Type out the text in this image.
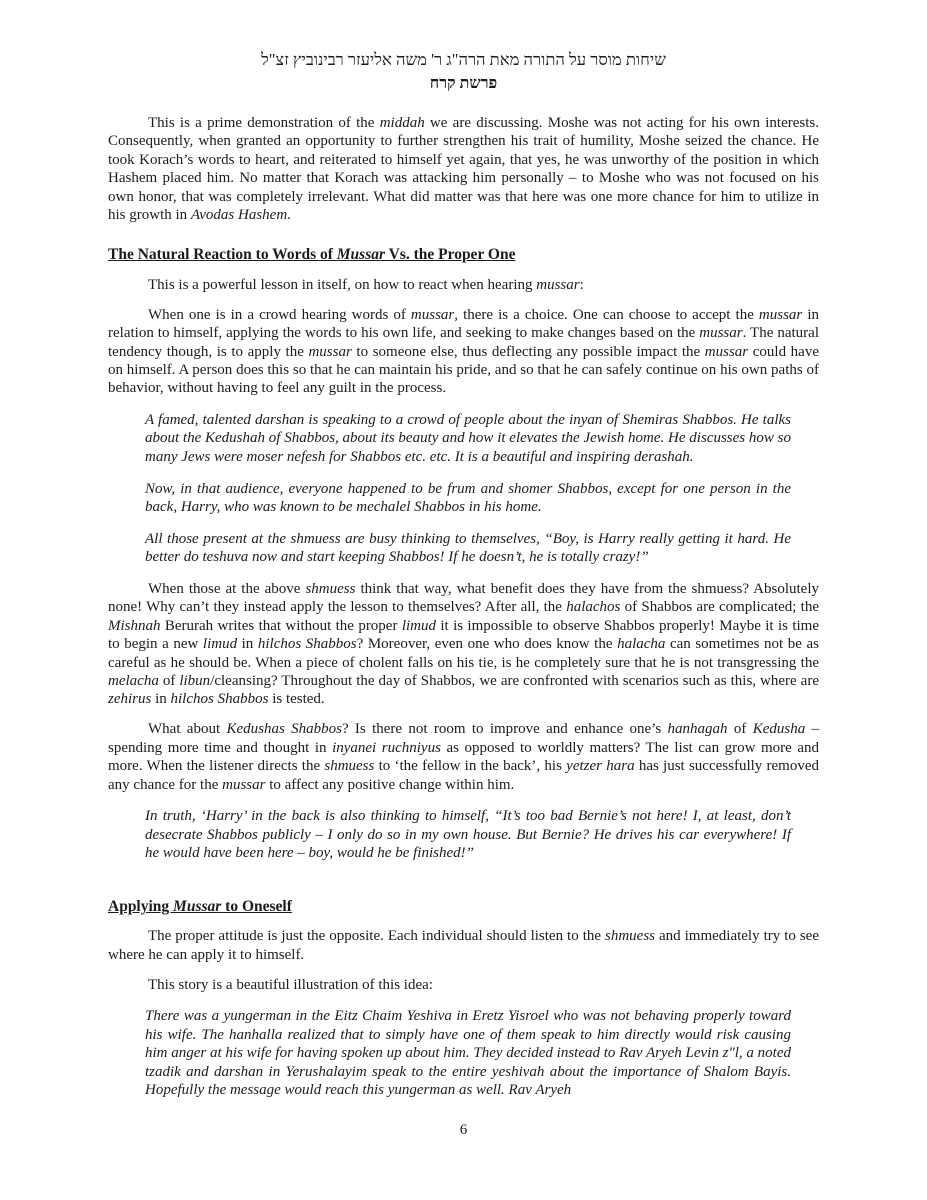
שיחות מוסר על התורה מאת הרה"ג ר' משה אליעזר רבינוביץ זצ"ל
פרשת קרח

This is a prime demonstration of the middah we are discussing. Moshe was not acting for his own interests. Consequently, when granted an opportunity to further strengthen his trait of humility, Moshe seized the chance. He took Korach’s words to heart, and reiterated to himself yet again, that yes, he was unworthy of the position in which Hashem placed him. No matter that Korach was attacking him personally – to Moshe who was not focused on his own honor, that was completely irrelevant. What did matter was that here was one more chance for him to utilize in his growth in Avodas Hashem.

The Natural Reaction to Words of Mussar Vs. the Proper One

This is a powerful lesson in itself, on how to react when hearing mussar:

When one is in a crowd hearing words of mussar, there is a choice. One can choose to accept the mussar in relation to himself, applying the words to his own life, and seeking to make changes based on the mussar. The natural tendency though, is to apply the mussar to someone else, thus deflecting any possible impact the mussar could have on himself. A person does this so that he can maintain his pride, and so that he can safely continue on his own paths of behavior, without having to feel any guilt in the process.

A famed, talented darshan is speaking to a crowd of people about the inyan of Shemiras Shabbos. He talks about the Kedushah of Shabbos, about its beauty and how it elevates the Jewish home. He discusses how so many Jews were moser nefesh for Shabbos etc. etc. It is a beautiful and inspiring derashah.
Now, in that audience, everyone happened to be frum and shomer Shabbos, except for one person in the back, Harry, who was known to be mechalel Shabbos in his home.
All those present at the shmuess are busy thinking to themselves, “Boy, is Harry really getting it hard. He better do teshuva now and start keeping Shabbos! If he doesn’t, he is totally crazy!”

When those at the above shmuess think that way, what benefit does they have from the shmuess? Absolutely none! Why can’t they instead apply the lesson to themselves? After all, the halachos of Shabbos are complicated; the Mishnah Berurah writes that without the proper limud it is impossible to observe Shabbos properly! Maybe it is time to begin a new limud in hilchos Shabbos? Moreover, even one who does know the halacha can sometimes not be as careful as he should be. When a piece of cholent falls on his tie, is he completely sure that he is not transgressing the melacha of libun/cleansing? Throughout the day of Shabbos, we are confronted with scenarios such as this, where are zehirus in hilchos Shabbos is tested.

What about Kedushas Shabbos? Is there not room to improve and enhance one’s hanhagah of Kedusha – spending more time and thought in inyanei ruchniyus as opposed to worldly matters? The list can grow more and more. When the listener directs the shmuess to ‘the fellow in the back’, his yetzer hara has just successfully removed any chance for the mussar to affect any positive change within him.

In truth, ‘Harry’ in the back is also thinking to himself, “It’s too bad Bernie’s not here! I, at least, don’t desecrate Shabbos publicly – I only do so in my own house. But Bernie? He drives his car everywhere! If he would have been here – boy, would he be finished!”
Applying Mussar to Oneself

The proper attitude is just the opposite. Each individual should listen to the shmuess and immediately try to see where he can apply it to himself.

This story is a beautiful illustration of this idea:

There was a yungerman in the Eitz Chaim Yeshiva in Eretz Yisroel who was not behaving properly toward his wife. The hanhalla realized that to simply have one of them speak to him directly would risk causing him anger at his wife for having spoken up about him. They decided instead to Rav Aryeh Levin z"l, a noted tzadik and darshan in Yerushalayim speak to the entire yeshivah about the importance of Shalom Bayis. Hopefully the message would reach this yungerman as well. Rav Aryeh
6
